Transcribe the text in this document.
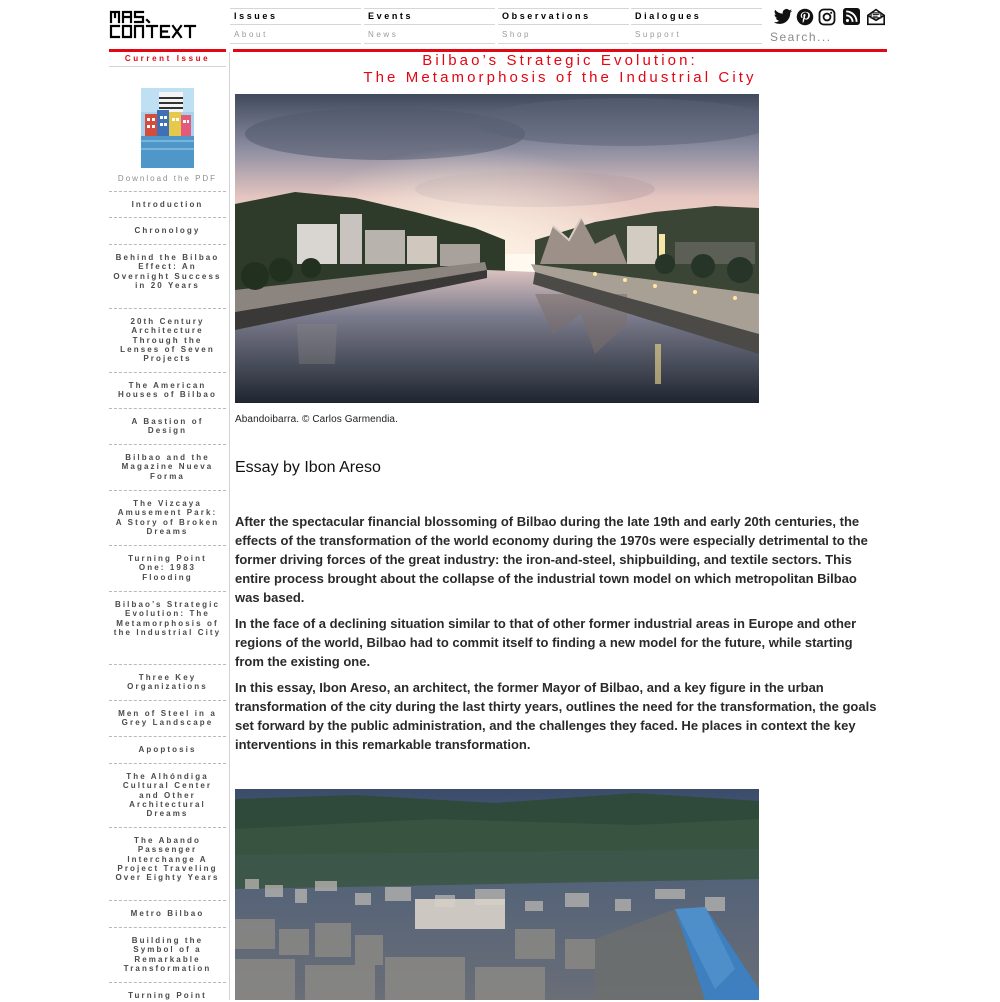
Issues
About
Events
News
Observations
Shop
Dialogues
Support
Search...
Current Issue
Download the PDF
Introduction
Chronology
Behind the Bilbao Effect: An Overnight Success in 20 Years
20th Century Architecture Through the Lenses of Seven Projects
The American Houses of Bilbao
A Bastion of Design
Bilbao and the Magazine Nueva Forma
The Vizcaya Amusement Park: A Story of Broken Dreams
Turning Point One: 1983 Flooding
Bilbao’s Strategic Evolution: The Metamorphosis of the Industrial City
Three Key Organizations
Men of Steel in a Grey Landscape
Apoptosis
The Alhóndiga Cultural Center and Other Architectural Dreams
The Abando Passenger Interchange A Project Traveling Over Eighty Years
Metro Bilbao
Building the Symbol of a Remarkable Transformation
Turning Point
Bilbao’s Strategic Evolution:
The Metamorphosis of the Industrial City
Abandoibarra. © Carlos Garmendia.
Essay by Ibon Areso

After the spectacular financial blossoming of Bilbao during the late 19th and early 20th centuries, the effects of the transformation of the world economy during the 1970s were especially detrimental to the former driving forces of the great industry: the iron-and-steel, shipbuilding, and textile sectors. This entire process brought about the collapse of the industrial town model on which metropolitan Bilbao was based.

In the face of a declining situation similar to that of other former industrial areas in Europe and other regions of the world, Bilbao had to commit itself to finding a new model for the future, while starting from the existing one.

In this essay, Ibon Areso, an architect, the former Mayor of Bilbao, and a key figure in the urban transformation of the city during the last thirty years, outlines the need for the transformation, the goals set forward by the public administration, and the challenges they faced. He places in context the key interventions in this remarkable transformation.
